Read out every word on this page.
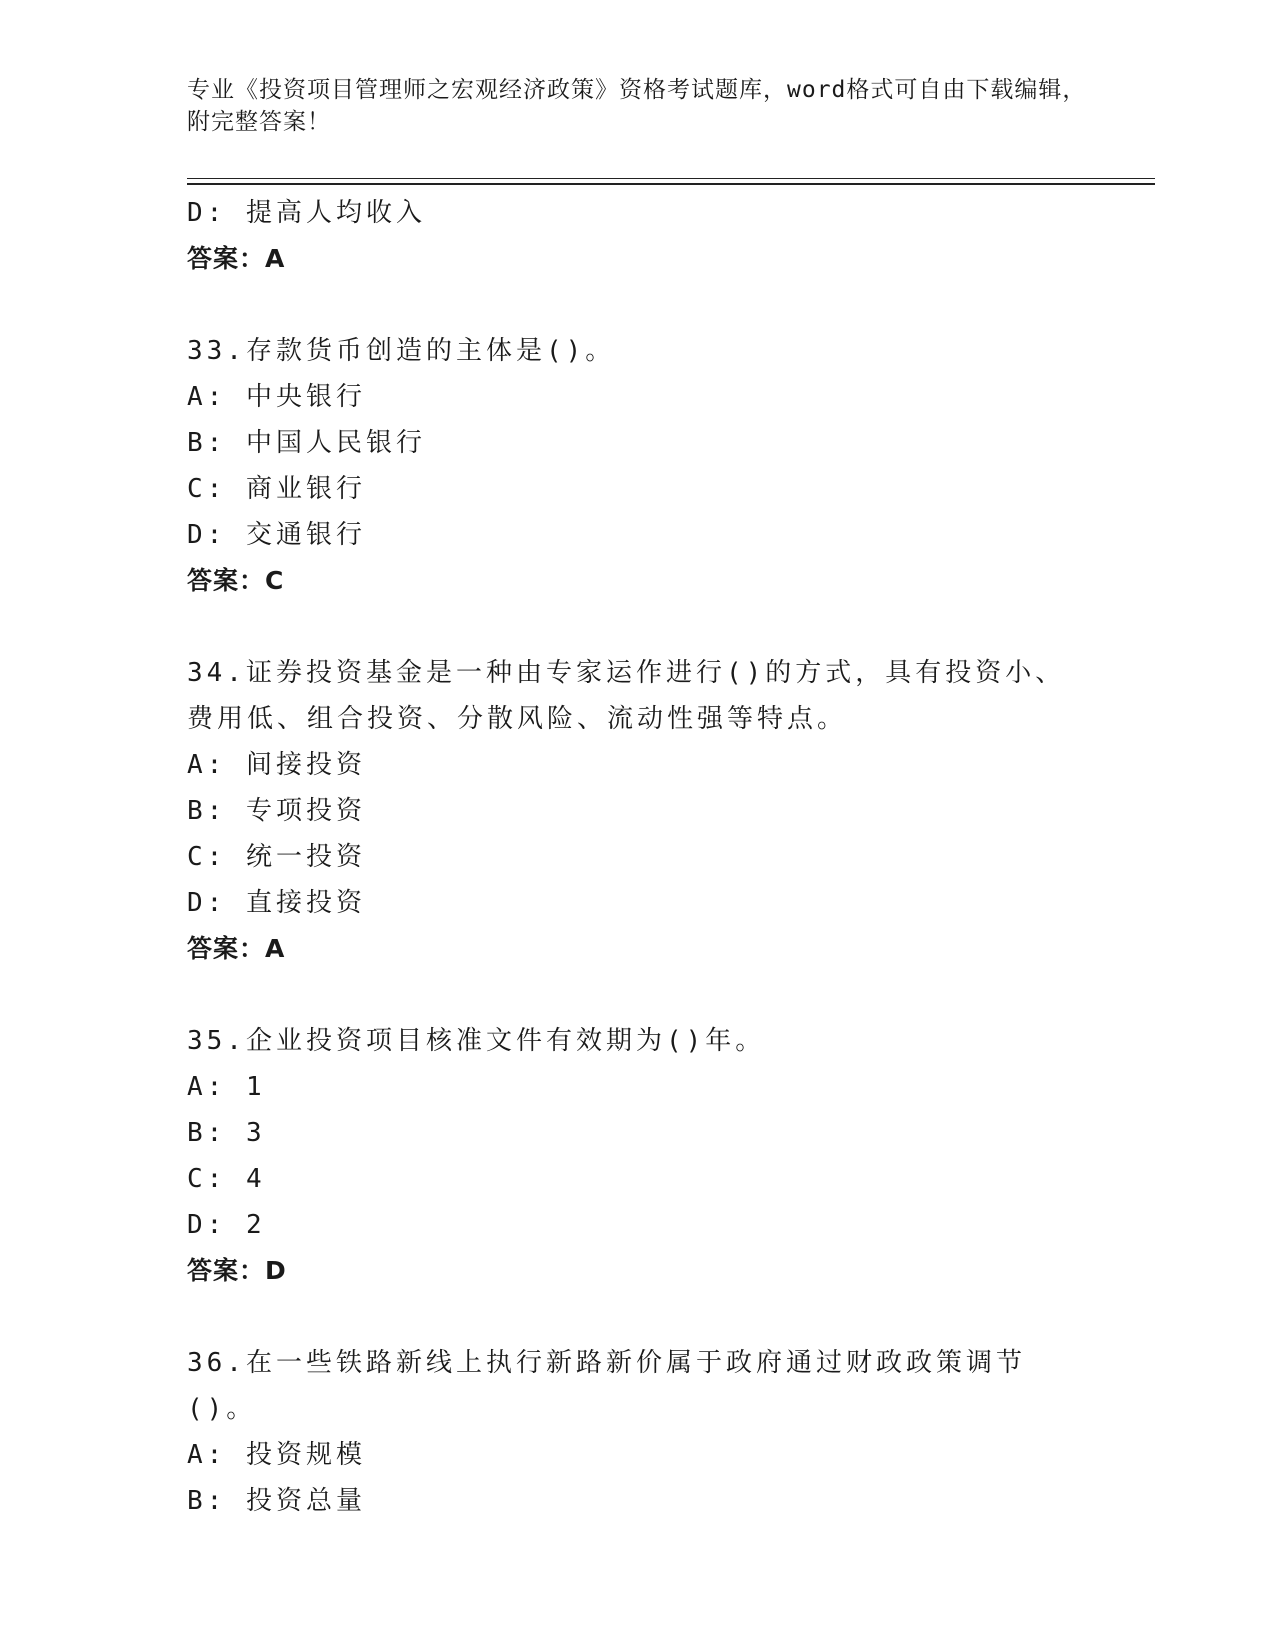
专业《投资项目管理师之宏观经济政策》资格考试题库，word格式可自由下载编辑，附完整答案！
D: 提高人均收入
答案：A
33.存款货币创造的主体是()。
A: 中央银行
B: 中国人民银行
C: 商业银行
D: 交通银行
答案：C
34.证券投资基金是一种由专家运作进行()的方式，具有投资小、费用低、组合投资、分散风险、流动性强等特点。
A: 间接投资
B: 专项投资
C: 统一投资
D: 直接投资
答案：A
35.企业投资项目核准文件有效期为()年。
A: 1
B: 3
C: 4
D: 2
答案：D
36.在一些铁路新线上执行新路新价属于政府通过财政政策调节()。
A: 投资规模
B: 投资总量
